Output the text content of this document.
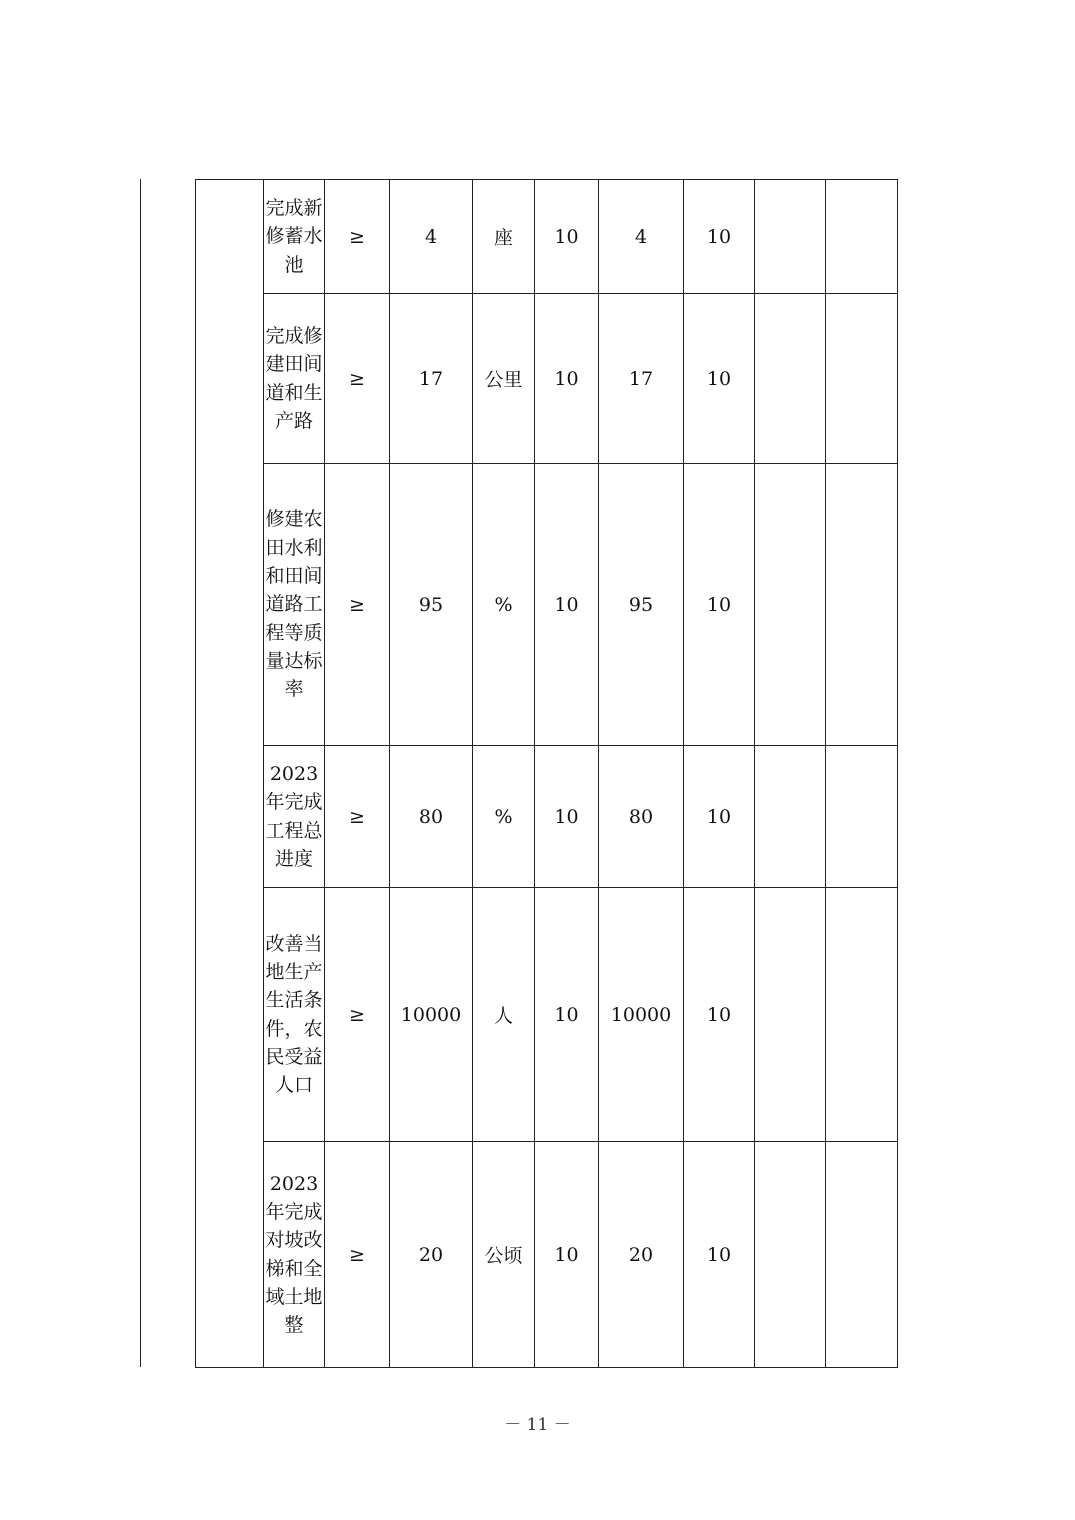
	完成新修蓄水池	≥	4	座	10	4	10		
	完成修建田间道和生产路	≥	17	公里	10	17	10		
	修建农田水利和田间道路工程等质量达标率	≥	95	%	10	95	10		
	2023年完成工程总进度	≥	80	%	10	80	10		
	改善当地生产生活条件，农民受益人口	≥	10000	人	10	10000	10		
	2023年完成对坡改梯和全域土地整	≥	20	公顷	10	20	10		
－ 11 －
